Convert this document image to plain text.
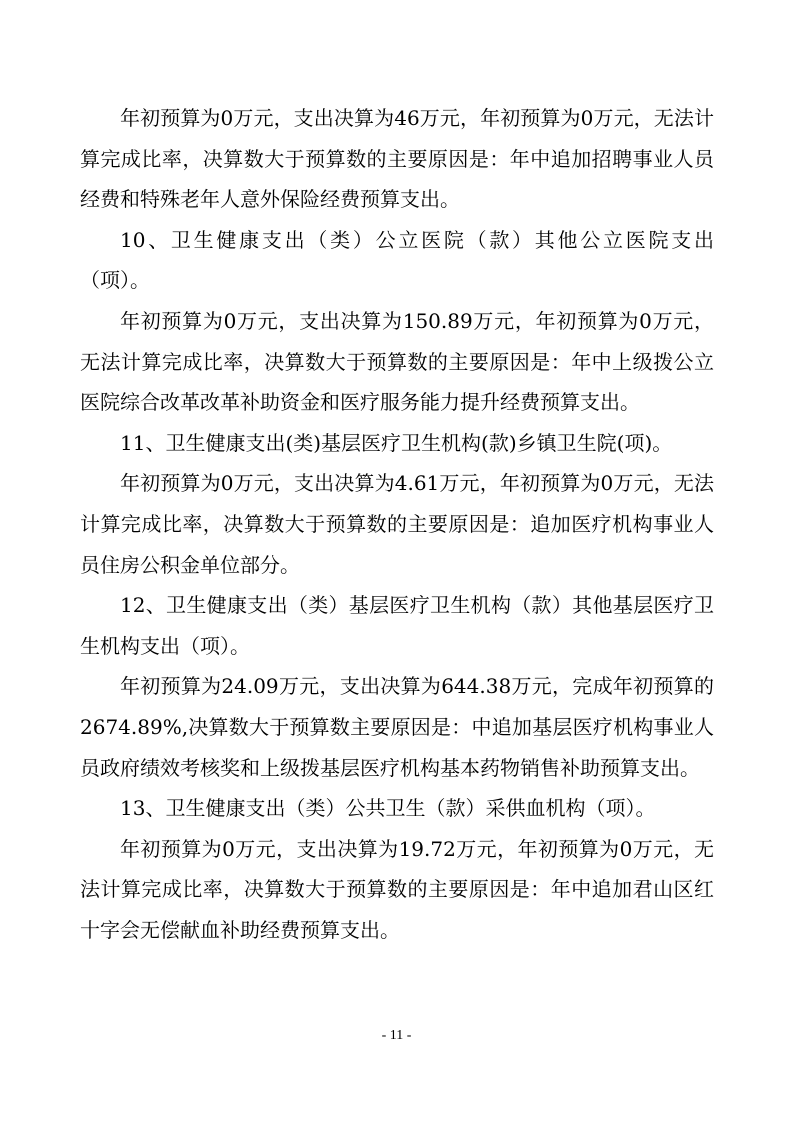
年初预算为0万元，支出决算为46万元，年初预算为0万元，无法计算完成比率，决算数大于预算数的主要原因是：年中追加招聘事业人员经费和特殊老年人意外保险经费预算支出。

10、卫生健康支出（类）公立医院（款）其他公立医院支出（项）。

年初预算为0万元，支出决算为150.89万元，年初预算为0万元，无法计算完成比率，决算数大于预算数的主要原因是：年中上级拨公立医院综合改革改革补助资金和医疗服务能力提升经费预算支出。

11、卫生健康支出(类)基层医疗卫生机构(款)乡镇卫生院(项)。

年初预算为0万元，支出决算为4.61万元，年初预算为0万元，无法计算完成比率，决算数大于预算数的主要原因是：追加医疗机构事业人员住房公积金单位部分。

12、卫生健康支出（类）基层医疗卫生机构（款）其他基层医疗卫生机构支出（项）。

年初预算为24.09万元，支出决算为644.38万元，完成年初预算的2674.89%,决算数大于预算数主要原因是：中追加基层医疗机构事业人员政府绩效考核奖和上级拨基层医疗机构基本药物销售补助预算支出。

13、卫生健康支出（类）公共卫生（款）采供血机构（项）。

年初预算为0万元，支出决算为19.72万元，年初预算为0万元，无法计算完成比率，决算数大于预算数的主要原因是：年中追加君山区红十字会无偿献血补助经费预算支出。

- 11 -
